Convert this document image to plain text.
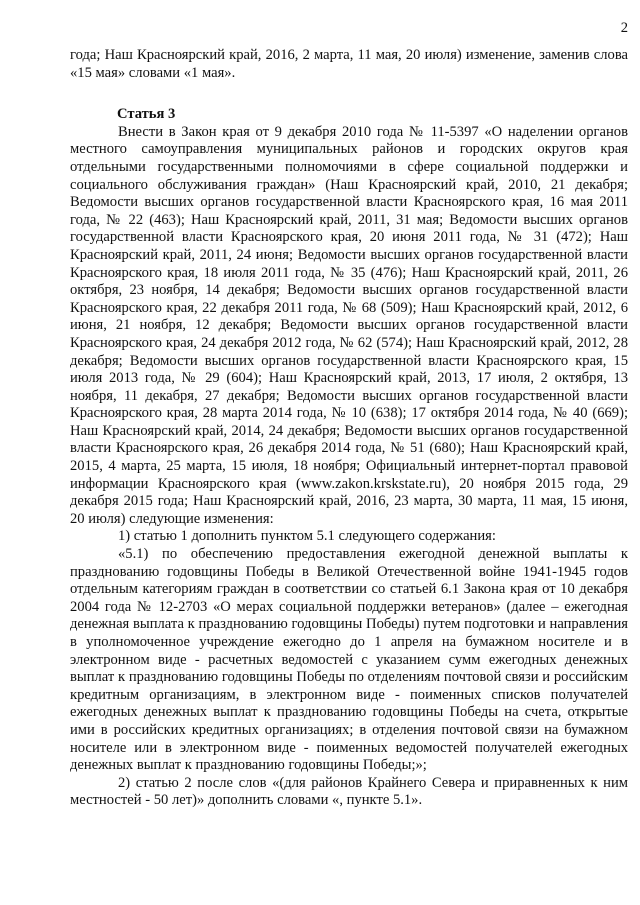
2

года; Наш Красноярский край, 2016, 2 марта, 11 мая, 20 июля) изменение, заменив слова «15 мая» словами «1 мая».

Статья 3

Внести в Закон края от 9 декабря 2010 года № 11-5397 «О наделении органов местного самоуправления муниципальных районов и городских округов края отдельными государственными полномочиями в сфере социальной поддержки и социального обслуживания граждан» (Наш Красноярский край, 2010, 21 декабря; Ведомости высших органов государственной власти Красноярского края, 16 мая 2011 года, № 22 (463); Наш Красноярский край, 2011, 31 мая; Ведомости высших органов государственной власти Красноярского края, 20 июня 2011 года, № 31 (472); Наш Красноярский край, 2011, 24 июня; Ведомости высших органов государственной власти Красноярского края, 18 июля 2011 года, № 35 (476); Наш Красноярский край, 2011, 26 октября, 23 ноября, 14 декабря; Ведомости высших органов государственной власти Красноярского края, 22 декабря 2011 года, № 68 (509); Наш Красноярский край, 2012, 6 июня, 21 ноября, 12 декабря; Ведомости высших органов государственной власти Красноярского края, 24 декабря 2012 года, № 62 (574); Наш Красноярский край, 2012, 28 декабря; Ведомости высших органов государственной власти Красноярского края, 15 июля 2013 года, № 29 (604); Наш Красноярский край, 2013, 17 июля, 2 октября, 13 ноября, 11 декабря, 27 декабря; Ведомости высших органов государственной власти Красноярского края, 28 марта 2014 года, № 10 (638); 17 октября 2014 года, № 40 (669); Наш Красноярский край, 2014, 24 декабря; Ведомости высших органов государственной власти Красноярского края, 26 декабря 2014 года, № 51 (680); Наш Красноярский край, 2015, 4 марта, 25 марта, 15 июля, 18 ноября; Официальный интернет-портал правовой информации Красноярского края (www.zakon.krskstate.ru), 20 ноября 2015 года, 29 декабря 2015 года; Наш Красноярский край, 2016, 23 марта, 30 марта, 11 мая, 15 июня, 20 июля) следующие изменения:

1) статью 1 дополнить пунктом 5.1 следующего содержания:

«5.1) по обеспечению предоставления ежегодной денежной выплаты к празднованию годовщины Победы в Великой Отечественной войне 1941-1945 годов отдельным категориям граждан в соответствии со статьей 6.1 Закона края от 10 декабря 2004 года № 12-2703 «О мерах социальной поддержки ветеранов» (далее – ежегодная денежная выплата к празднованию годовщины Победы) путем подготовки и направления в уполномоченное учреждение ежегодно до 1 апреля на бумажном носителе и в электронном виде - расчетных ведомостей с указанием сумм ежегодных денежных выплат к празднованию годовщины Победы по отделениям почтовой связи и российским кредитным организациям, в электронном виде - поименных списков получателей ежегодных денежных выплат к празднованию годовщины Победы на счета, открытые ими в российских кредитных организациях; в отделения почтовой связи на бумажном носителе или в электронном виде - поименных ведомостей получателей ежегодных денежных выплат к празднованию годовщины Победы;»;

2) статью 2 после слов «(для районов Крайнего Севера и приравненных к ним местностей - 50 лет)» дополнить словами «, пункте 5.1».
